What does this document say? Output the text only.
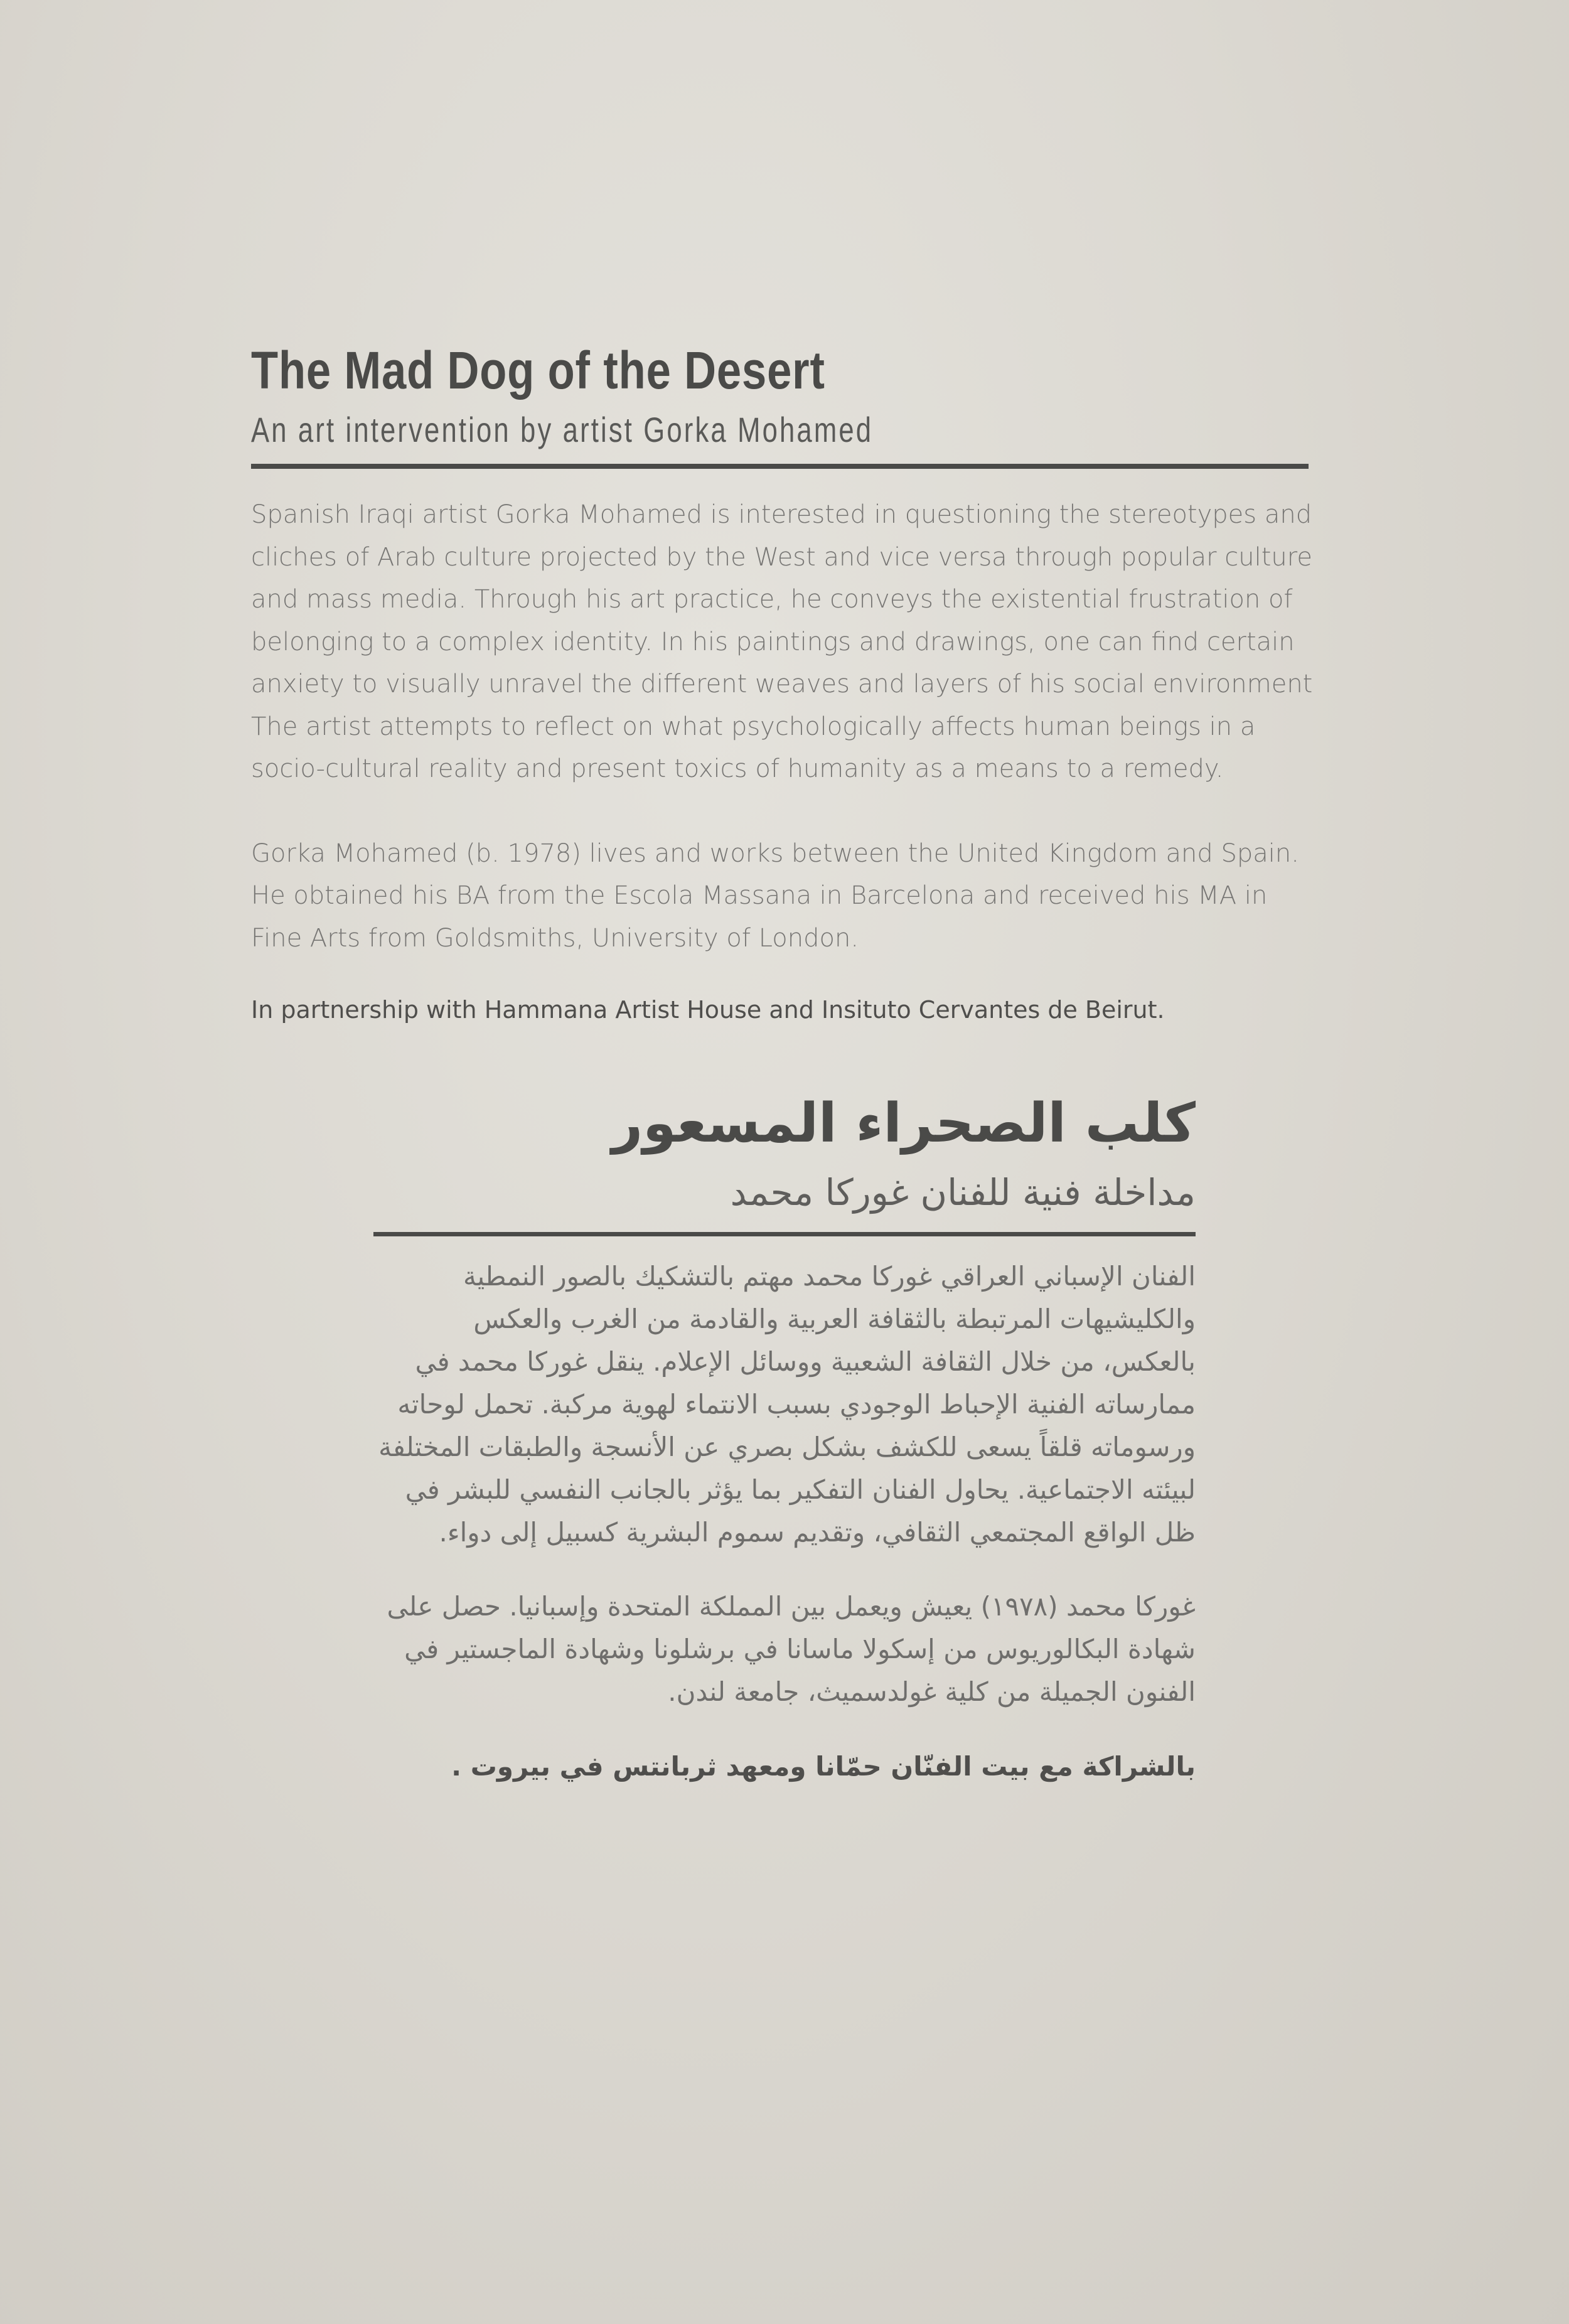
The Mad Dog of the Desert
An art intervention by artist Gorka Mohamed

Spanish Iraqi artist Gorka Mohamed is interested in questioning the stereotypes and
cliches of Arab culture projected by the West and vice versa through popular culture
and mass media. Through his art practice, he conveys the existential frustration of
belonging to a complex identity. In his paintings and drawings, one can find certain
anxiety to visually unravel the different weaves and layers of his social environment
The artist attempts to reflect on what psychologically affects human beings in a
socio-cultural reality and present toxics of humanity as a means to a remedy.

Gorka Mohamed (b. 1978) lives and works between the United Kingdom and Spain.
He obtained his BA from the Escola Massana in Barcelona and received his MA in
Fine Arts from Goldsmiths, University of London.

In partnership with Hammana Artist House and Insituto Cervantes de Beirut.
كلب الصحراء المسعور
مداخلة فنية للفنان غوركا محمد

الفنان الإسباني العراقي غوركا محمد مهتم بالتشكيك بالصور النمطية
والكليشيهات المرتبطة بالثقافة العربية والقادمة من الغرب والعكس
بالعكس، من خلال الثقافة الشعبية ووسائل الإعلام. ينقل غوركا محمد في
ممارساته الفنية الإحباط الوجودي بسبب الانتماء لهوية مركبة. تحمل لوحاته
ورسوماته قلقاً يسعى للكشف بشكل بصري عن الأنسجة والطبقات المختلفة
لبيئته الاجتماعية. يحاول الفنان التفكير بما يؤثر بالجانب النفسي للبشر في
ظل الواقع المجتمعي الثقافي، وتقديم سموم البشرية كسبيل إلى دواء.

غوركا محمد (١٩٧٨) يعيش ويعمل بين المملكة المتحدة وإسبانيا. حصل على
شهادة البكالوريوس من إسكولا ماسانا في برشلونا وشهادة الماجستير في
الفنون الجميلة من كلية غولدسميث، جامعة لندن.

بالشراكة مع بيت الفنّان حمّانا ومعهد ثربانتس في بيروت .
